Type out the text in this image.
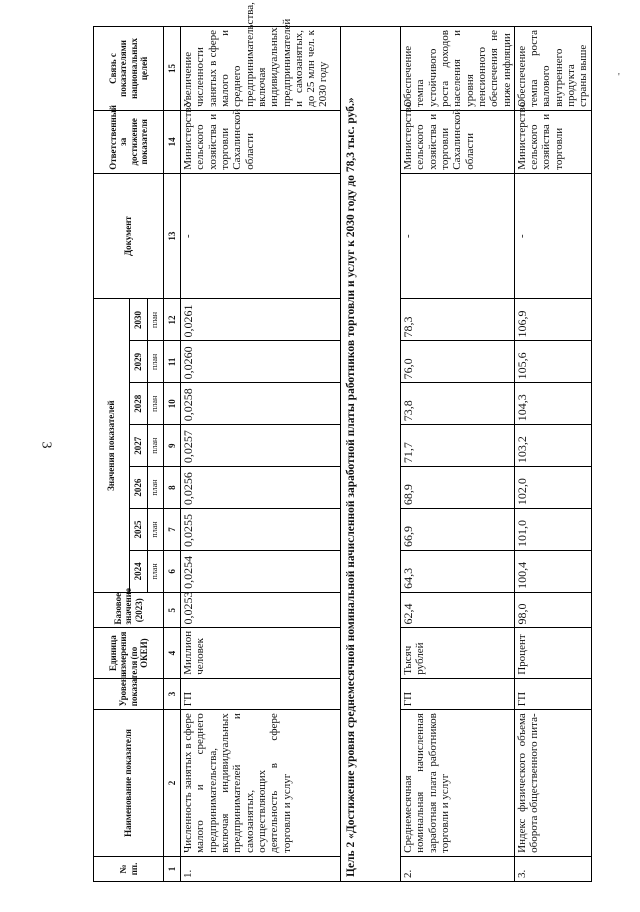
3
'
№ пп.	Наименование показателя	Уровень показателя	Единица измерения (по ОКЕИ)	Базовое значение (2023)	Значения показателей							Документ	Ответственный за достижение показателя	Связь с показателями национальных целей
					2024	2025	2026	2027	2028	2029	2030			
					план	план	план	план	план	план	план			
1	2	3	4	5	6	7	8	9	10	11	12	13	14	15
1.	Численность занятых в сфере малого и среднего предпринимательства, включая индивидуальных предпринимателей и самозанятых, осуществляющих деятельность в сфере торговли и услуг	ГП	Миллион человек	0,0253	0,0254	0,0255	0,0256	0,0257	0,0258	0,0260	0,0261	-	Министерство сельского хозяйства и торговли Сахалинской области	Увеличение численности занятых в сфере малого и среднего предпринимательства, включая индивидуальных предпринимателей и самозанятых, до 25 млн чел. к 2030 году
Цель 2 «Достижение уровня среднемесячной номинальной начисленной заработной платы работников торговли и услуг к 2030 году до 78,3 тыс. руб.»														
2.	Среднемесячная номинальная начисленная заработная плата работников торговли и услуг	ГП	Тысяч рублей	62,4	64,3	66,9	68,9	71,7	73,8	76,0	78,3	-	Министерство сельского хозяйства и торговли Сахалинской области	Обеспечение темпа устойчивого роста доходов населения и уровня пенсионного обеспечения не ниже инфляции
3.	Индекс физического объема оборота общественного пита-	ГП	Процент	98,0	100,4	101,0	102,0	103,2	104,3	105,6	106,9	-	Министерство сельского хозяйства и торговли	Обеспечение темпа роста валового внутреннего продукта страны выше
